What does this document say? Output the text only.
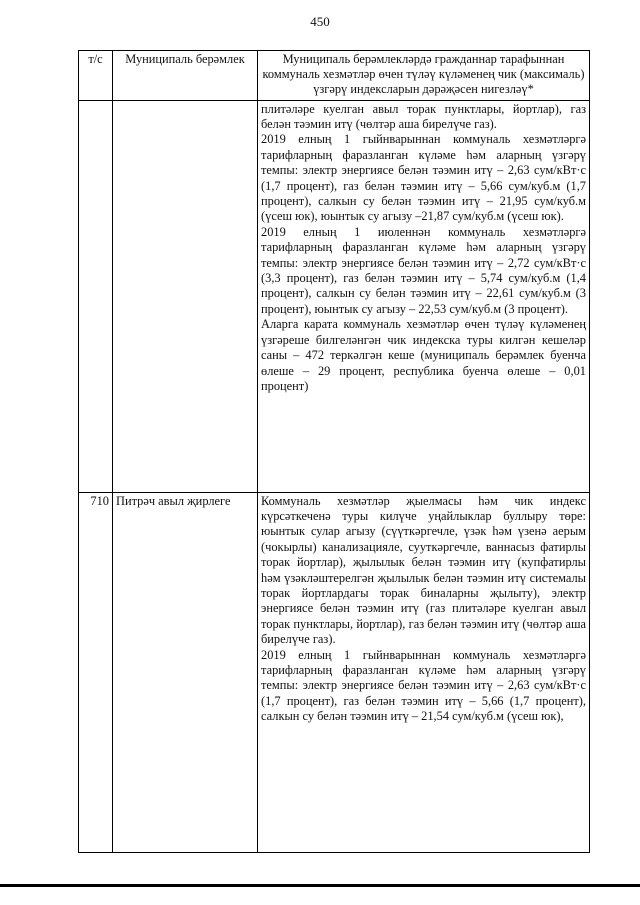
450
т/с	Муниципаль берәмлек	Муниципаль берәмлекләрдә гражданнар тарафыннан коммуналь хезмәтләр өчен түләү күләменең чик (максималь) үзгәрү индексларын дәрәҗәсен нигезләү*

		плитәләре куелган авыл торак пунктлары, йортлар), газ белән тәэмин итү (чөлтәр аша бирелүче газ).

2019 елның 1 гыйнварыннан коммуналь хезмәтләргә тарифларның фаразланган күләме һәм аларның үзгәрү темпы: электр энергиясе белән тәэмин итү – 2,63 сум/кВт·с (1,7 процент), газ белән тәэмин итү – 5,66 сум/куб.м (1,7 процент), салкын су белән тәэмин итү – 21,95 сум/куб.м (үсеш юк), юынтык су агызу –21,87 сум/куб.м (үсеш юк).

2019 елның 1 июленнән коммуналь хезмәтләргә тарифларның фаразланган күләме һәм аларның үзгәрү темпы: электр энергиясе белән тәэмин итү – 2,72 сум/кВт·с (3,3 процент), газ белән тәэмин итү – 5,74 сум/куб.м (1,4 процент), салкын су белән тәэмин итү – 22,61 сум/куб.м (3 процент), юынтык су агызу – 22,53 сум/куб.м (3 процент).

Аларга карата коммуналь хезмәтләр өчен түләү күләменең үзгәреше билгеләнгән чик индекска туры килгән кешеләр саны – 472 теркәлгән кеше (муниципаль берәмлек буенча өлеше – 29 процент, республика буенча өлеше – 0,01 процент)

710	Питрәч авыл җирлеге	Коммуналь хезмәтләр җыелмасы һәм чик индекс күрсәткеченә туры килүче уңайлыклар буллыру төре: юынтык сулар агызу (сүүткәргечле, үзәк һәм үзенә аерым (чокырлы) канализацияле, сууткәргечле, ваннасыз фатирлы торак йортлар), җылылык белән тәэмин итү (купфатирлы һәм үзәкләштерелгән җылылык белән тәэмин итү системалы торак йортлардагы торак биналарны җылыту), электр энергиясе белән тәэмин итү (газ плитәләре куелган авыл торак пунктлары, йортлар), газ белән тәэмин итү (чөлтәр аша бирелүче газ).

2019 елның 1 гыйнварыннан коммуналь хезмәтләргә тарифларның фаразланган күләме һәм аларның үзгәрү темпы: электр энергиясе белән тәэмин итү – 2,63 сум/кВт·с (1,7 процент), газ белән тәэмин итү – 5,66 (1,7 процент), салкын су белән тәэмин итү – 21,54 сум/куб.м (үсеш юк),
